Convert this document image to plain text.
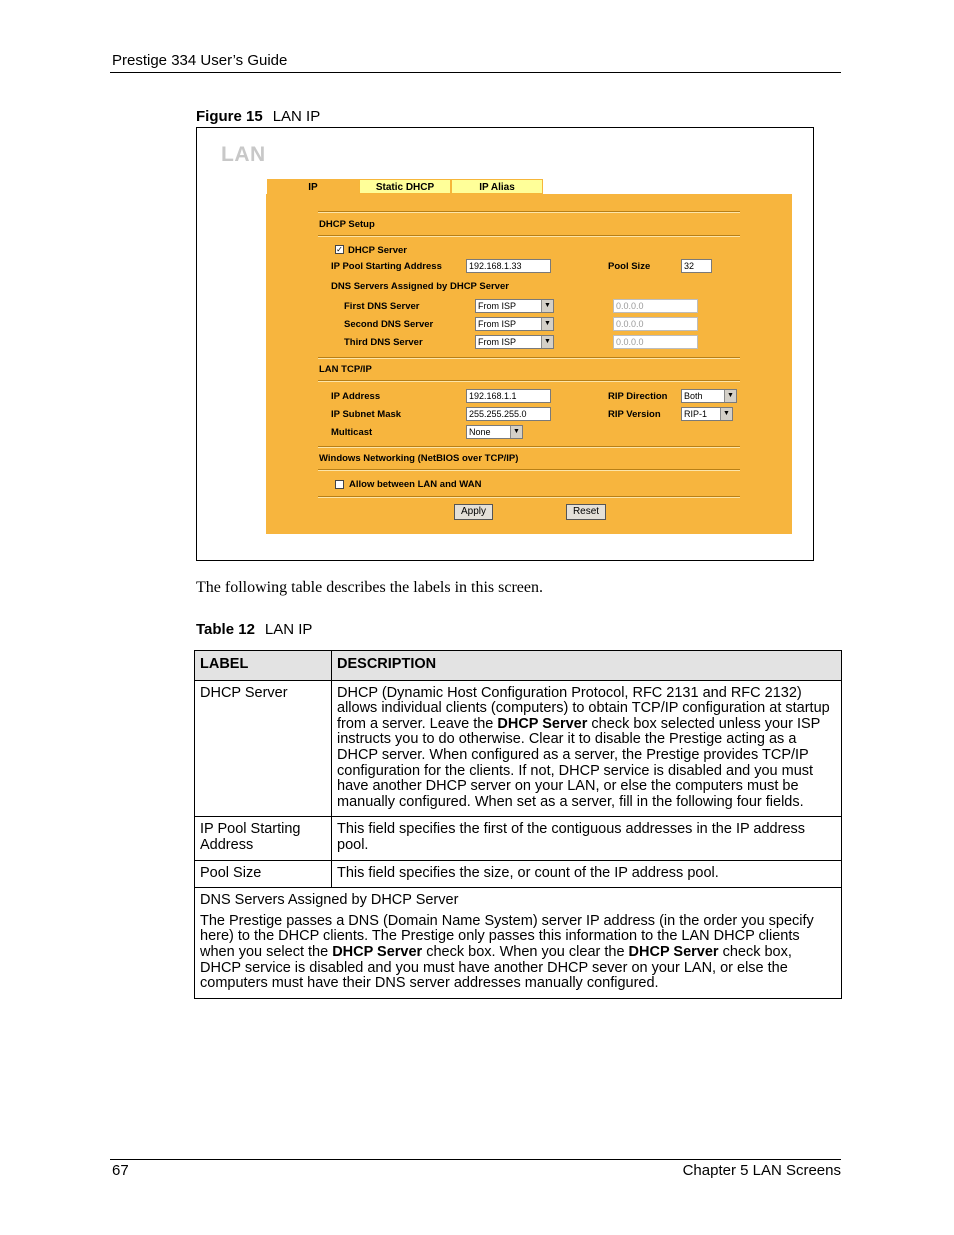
Prestige 334 User’s Guide
Figure 15 LAN IP
LAN
IP	Static DHCP	IP Alias
DHCP Setup
✓ DHCP Server
IP Pool Starting Address	192.168.1.33	Pool Size	32
DNS Servers Assigned by DHCP Server
First DNS Server	From ISP	▼	0.0.0.0
Second DNS Server	From ISP	▼	0.0.0.0
Third DNS Server	From ISP	▼	0.0.0.0
LAN TCP/IP
IP Address	192.168.1.1	RIP Direction	Both	▼
IP Subnet Mask	255.255.255.0	RIP Version	RIP-1	▼
Multicast	None	▼
Windows Networking (NetBIOS over TCP/IP)
Allow between LAN and WAN
Apply	Reset
The following table describes the labels in this screen.
Table 12 LAN IP
LABEL	DESCRIPTION
DHCP Server	DHCP (Dynamic Host Configuration Protocol, RFC 2131 and RFC 2132) allows individual clients (computers) to obtain TCP/IP configuration at startup from a server. Leave the DHCP Server check box selected unless your ISP instructs you to do otherwise. Clear it to disable the Prestige acting as a DHCP server. When configured as a server, the Prestige provides TCP/IP configuration for the clients. If not, DHCP service is disabled and you must have another DHCP server on your LAN, or else the computers must be manually configured. When set as a server, fill in the following four fields.
IP Pool Starting Address	This field specifies the first of the contiguous addresses in the IP address pool.
Pool Size	This field specifies the size, or count of the IP address pool.

DNS Servers Assigned by DHCP Server

The Prestige passes a DNS (Domain Name System) server IP address (in the order you specify here) to the DHCP clients. The Prestige only passes this information to the LAN DHCP clients when you select the DHCP Server check box. When you clear the DHCP Server check box, DHCP service is disabled and you must have another DHCP sever on your LAN, or else the computers must have their DNS server addresses manually configured.	

67	Chapter 5 LAN Screens
